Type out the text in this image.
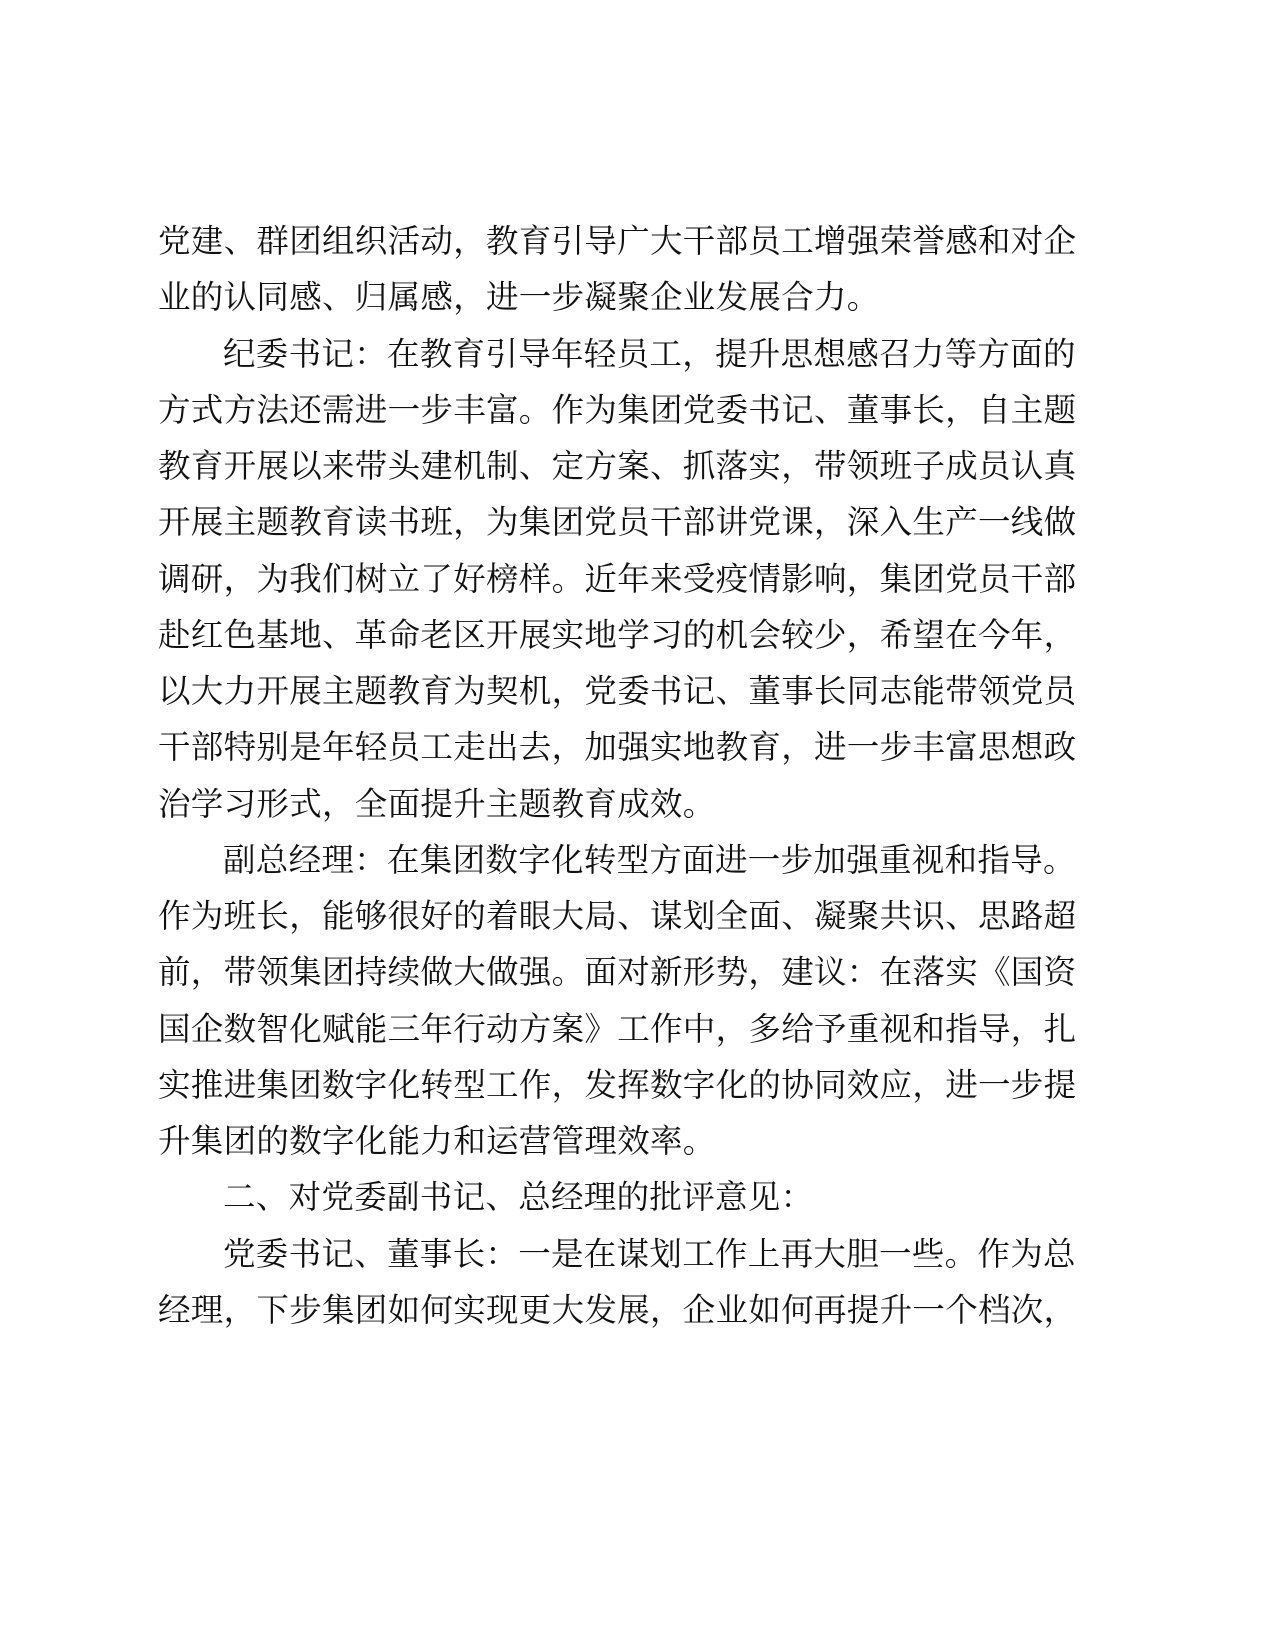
党建、群团组织活动，教育引导广大干部员工增强荣誉感和对企
业的认同感、归属感，进一步凝聚企业发展合力。
纪委书记：在教育引导年轻员工，提升思想感召力等方面的
方式方法还需进一步丰富。作为集团党委书记、董事长，自主题
教育开展以来带头建机制、定方案、抓落实，带领班子成员认真
开展主题教育读书班，为集团党员干部讲党课，深入生产一线做
调研，为我们树立了好榜样。近年来受疫情影响，集团党员干部
赴红色基地、革命老区开展实地学习的机会较少，希望在今年，
以大力开展主题教育为契机，党委书记、董事长同志能带领党员
干部特别是年轻员工走出去，加强实地教育，进一步丰富思想政
治学习形式，全面提升主题教育成效。
副总经理：在集团数字化转型方面进一步加强重视和指导。
作为班长，能够很好的着眼大局、谋划全面、凝聚共识、思路超
前，带领集团持续做大做强。面对新形势，建议：在落实《国资
国企数智化赋能三年行动方案》工作中，多给予重视和指导，扎
实推进集团数字化转型工作，发挥数字化的协同效应，进一步提
升集团的数字化能力和运营管理效率。
二、对党委副书记、总经理的批评意见：
党委书记、董事长：一是在谋划工作上再大胆一些。作为总
经理，下步集团如何实现更大发展，企业如何再提升一个档次，
